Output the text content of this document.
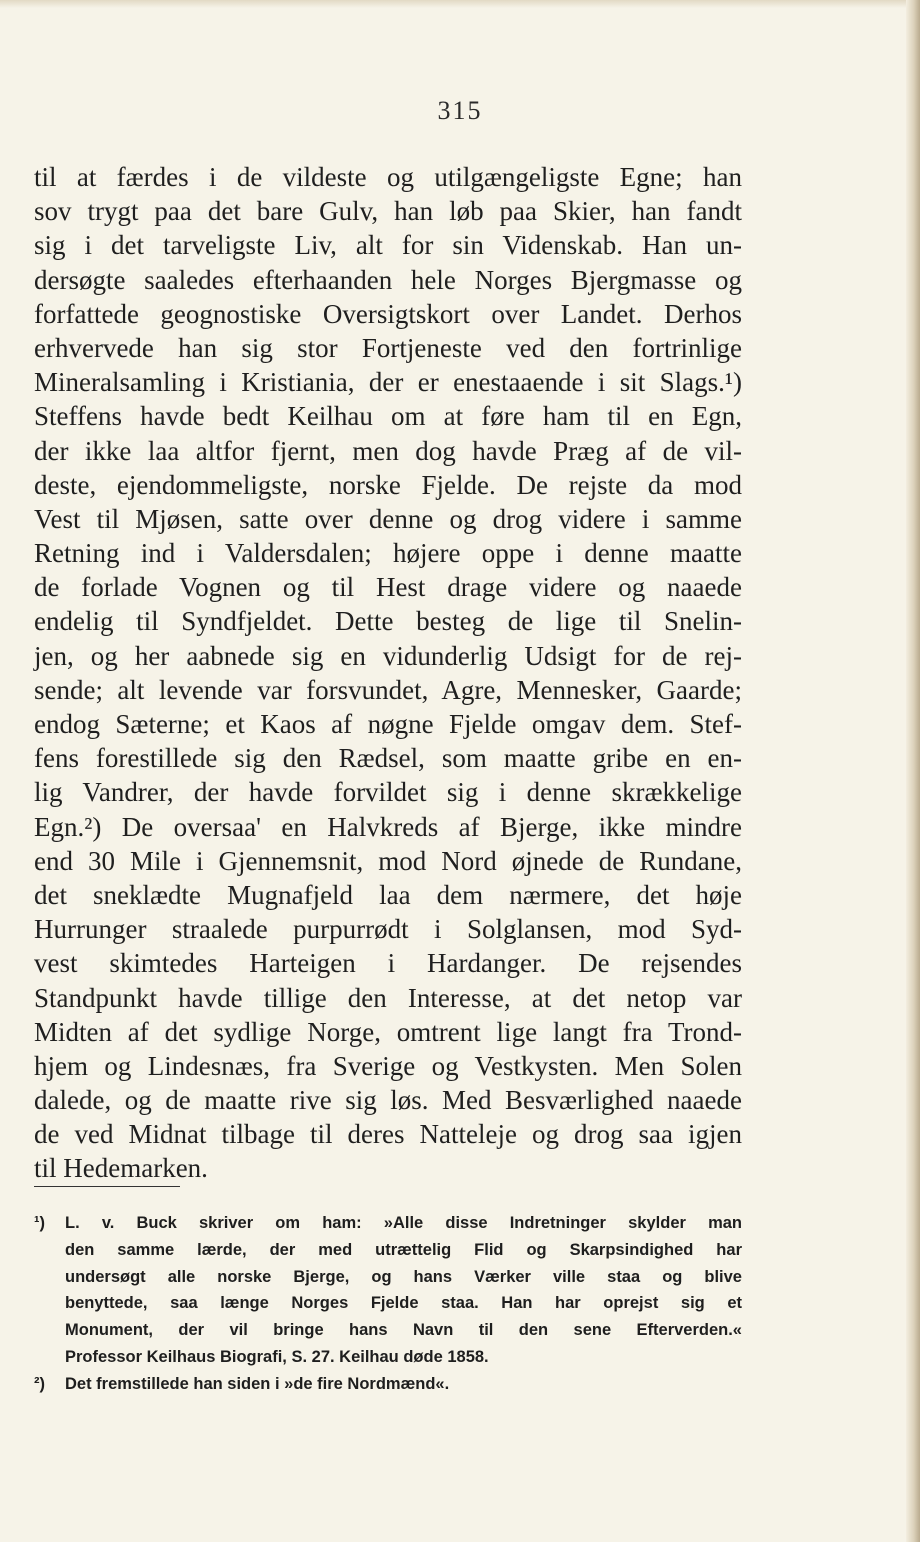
315
til at færdes i de vildeste og utilgængeligste Egne; han
sov trygt paa det bare Gulv, han løb paa Skier, han fandt
sig i det tarveligste Liv, alt for sin Videnskab. Han un-
dersøgte saaledes efterhaanden hele Norges Bjergmasse og
forfattede geognostiske Oversigtskort over Landet. Derhos
erhvervede han sig stor Fortjeneste ved den fortrinlige
Mineralsamling i Kristiania, der er enestaaende i sit Slags.¹)
Steffens havde bedt Keilhau om at føre ham til en Egn,
der ikke laa altfor fjernt, men dog havde Præg af de vil-
deste, ejendommeligste, norske Fjelde. De rejste da mod
Vest til Mjøsen, satte over denne og drog videre i samme
Retning ind i Valdersdalen; højere oppe i denne maatte
de forlade Vognen og til Hest drage videre og naaede
endelig til Syndfjeldet. Dette besteg de lige til Snelin-
jen, og her aabnede sig en vidunderlig Udsigt for de rej-
sende; alt levende var forsvundet, Agre, Mennesker, Gaarde;
endog Sæterne; et Kaos af nøgne Fjelde omgav dem. Stef-
fens forestillede sig den Rædsel, som maatte gribe en en-
lig Vandrer, der havde forvildet sig i denne skrækkelige
Egn.²) De oversaa' en Halvkreds af Bjerge, ikke mindre
end 30 Mile i Gjennemsnit, mod Nord øjnede de Rundane,
det sneklædte Mugnafjeld laa dem nærmere, det høje
Hurrunger straalede purpurrødt i Solglansen, mod Syd-
vest skimtedes Harteigen i Hardanger. De rejsendes
Standpunkt havde tillige den Interesse, at det netop var
Midten af det sydlige Norge, omtrent lige langt fra Trond-
hjem og Lindesnæs, fra Sverige og Vestkysten. Men Solen
dalede, og de maatte rive sig løs. Med Besværlighed naaede
de ved Midnat tilbage til deres Natteleje og drog saa igjen
til Hedemarken.
¹) L. v. Buck skriver om ham: »Alle disse Indretninger skylder man
den samme lærde, der med utrættelig Flid og Skarpsindighed har
undersøgt alle norske Bjerge, og hans Værker ville staa og blive
benyttede, saa længe Norges Fjelde staa. Han har oprejst sig et
Monument, der vil bringe hans Navn til den sene Efterverden.«
Professor Keilhaus Biografi, S. 27. Keilhau døde 1858.
²) Det fremstillede han siden i »de fire Nordmænd«.
